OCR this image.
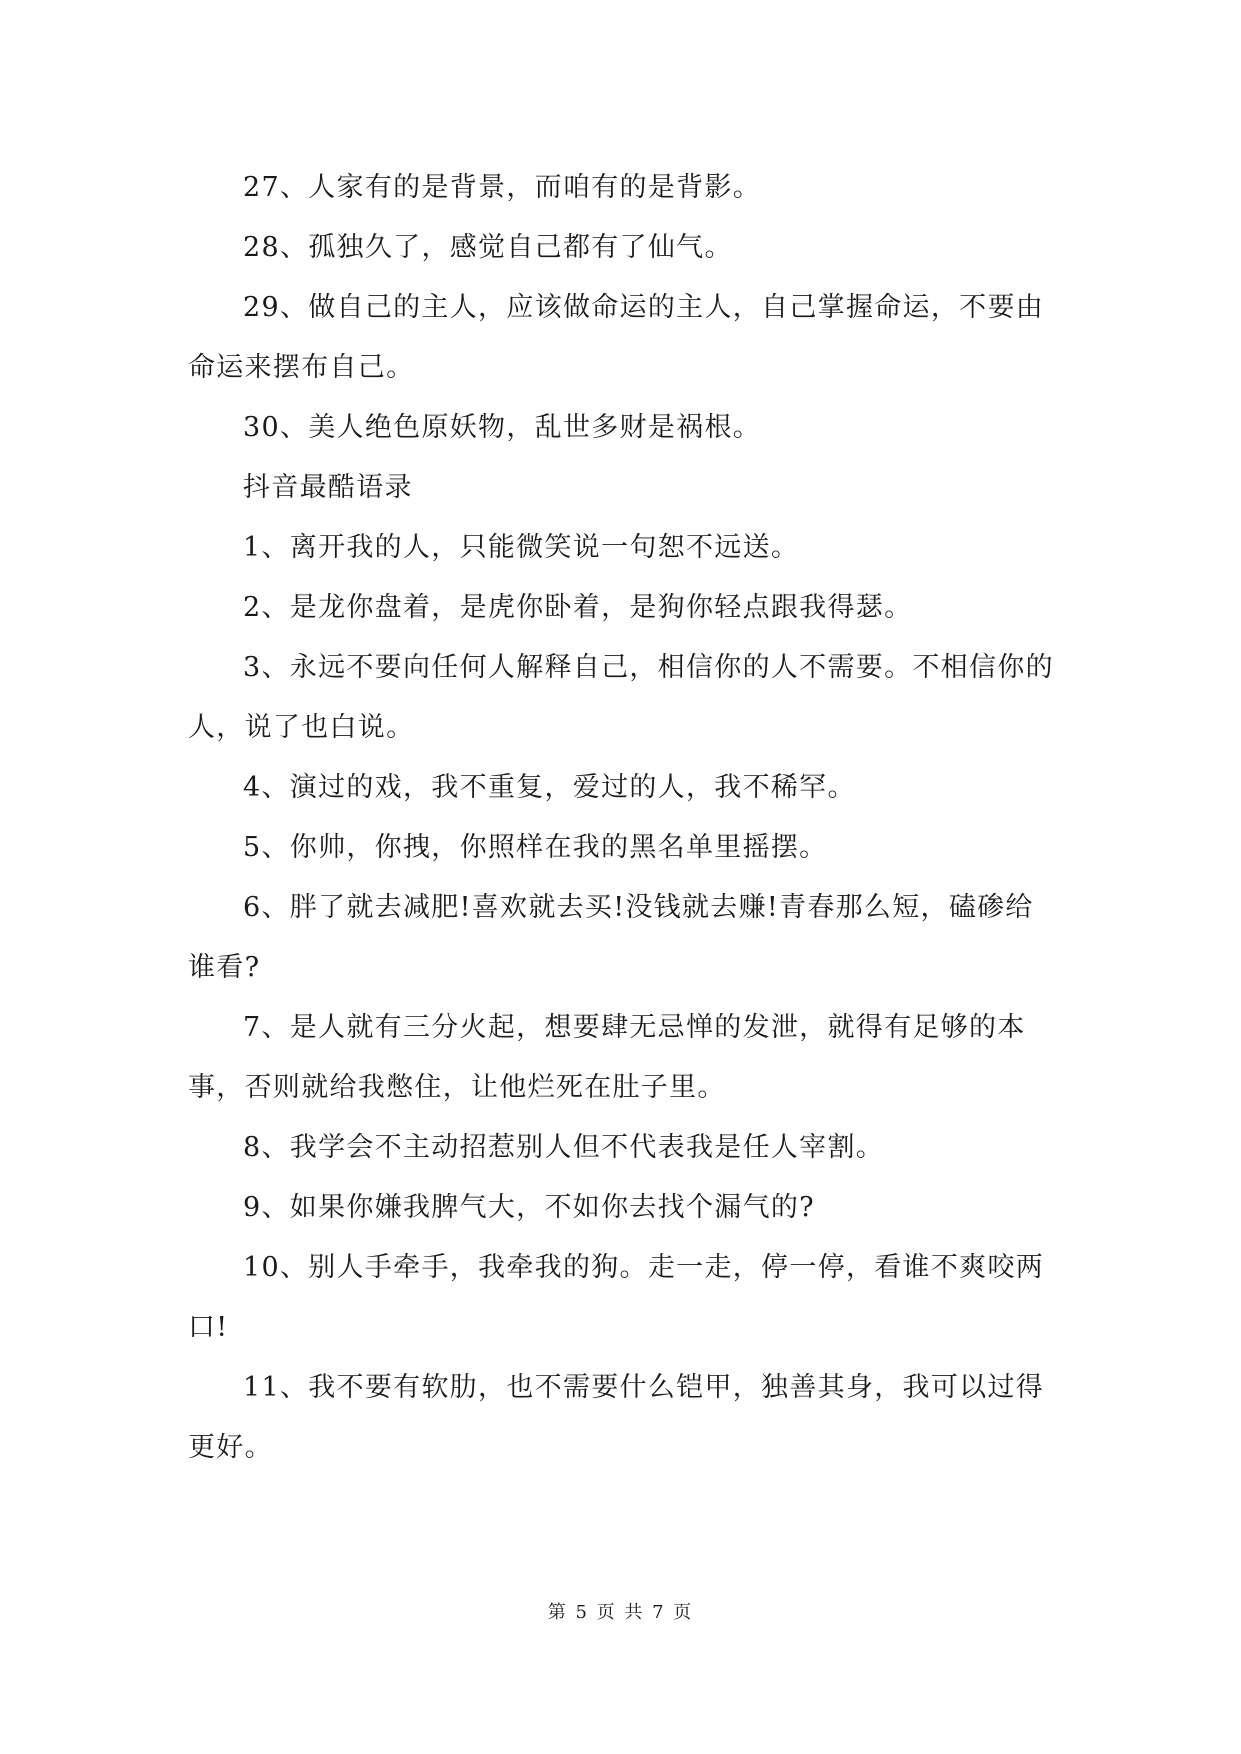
27、人家有的是背景，而咱有的是背影。

28、孤独久了，感觉自己都有了仙气。

29、做自己的主人，应该做命运的主人，自己掌握命运，不要由命运来摆布自己。

30、美人绝色原妖物，乱世多财是祸根。

抖音最酷语录

1、离开我的人，只能微笑说一句恕不远送。

2、是龙你盘着，是虎你卧着，是狗你轻点跟我得瑟。

3、永远不要向任何人解释自己，相信你的人不需要。不相信你的人，说了也白说。

4、演过的戏，我不重复，爱过的人，我不稀罕。

5、你帅，你拽，你照样在我的黑名单里摇摆。

6、胖了就去减肥!喜欢就去买!没钱就去赚!青春那么短，磕碜给谁看?

7、是人就有三分火起，想要肆无忌惮的发泄，就得有足够的本事，否则就给我憋住，让他烂死在肚子里。

8、我学会不主动招惹别人但不代表我是任人宰割。

9、如果你嫌我脾气大，不如你去找个漏气的?

10、别人手牵手，我牵我的狗。走一走，停一停，看谁不爽咬两口!

11、我不要有软肋，也不需要什么铠甲，独善其身，我可以过得更好。

第 5 页 共 7 页
